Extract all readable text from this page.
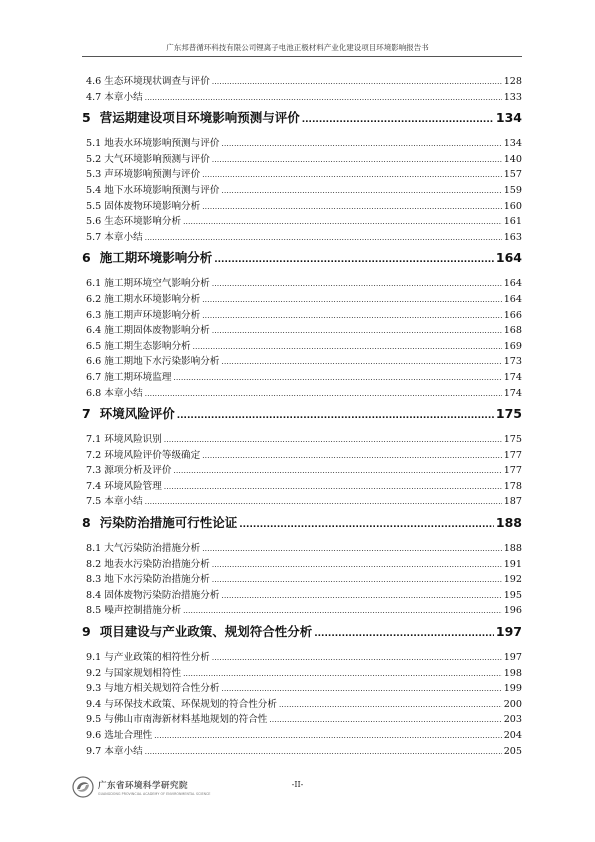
广东邦普循环科技有限公司锂离子电池正极材料产业化建设项目环境影响报告书
4.6 生态环境现状调查与评价 .....	128
4.7 本章小结 .....	133
5 营运期建设项目环境影响预测与评价 .....	134
5.1 地表水环境影响预测与评价 .....	134
5.2 大气环境影响预测与评价 .....	140
5.3 声环境影响预测与评价 .....	157
5.4 地下水环境影响预测与评价 .....	159
5.5 固体废物环境影响分析 .....	160
5.6 生态环境影响分析 .....	161
5.7 本章小结 .....	163
6 施工期环境影响分析 .....	164
6.1 施工期环境空气影响分析 .....	164
6.2 施工期水环境影响分析 .....	164
6.3 施工期声环境影响分析 .....	166
6.4 施工期固体废物影响分析 .....	168
6.5 施工期生态影响分析 .....	169
6.6 施工期地下水污染影响分析 .....	173
6.7 施工期环境监理 .....	174
6.8 本章小结 .....	174
7 环境风险评价 .....	175
7.1 环境风险识别 .....	175
7.2 环境风险评价等级确定 .....	177
7.3 源项分析及评价 .....	177
7.4 环境风险管理 .....	178
7.5 本章小结 .....	187
8 污染防治措施可行性论证 .....	188
8.1 大气污染防治措施分析 .....	188
8.2 地表水污染防治措施分析 .....	191
8.3 地下水污染防治措施分析 .....	192
8.4 固体废物污染防治措施分析 .....	195
8.5 噪声控制措施分析 .....	196
9 项目建设与产业政策、规划符合性分析 .....	197
9.1 与产业政策的相符性分析 .....	197
9.2 与国家规划相符性 .....	198
9.3 与地方相关规划符合性分析 .....	199
9.4 与环保技术政策、环保规划的符合性分析 .....	200
9.5 与佛山市南海新材料基地规划的符合性 .....	203
9.6 选址合理性 .....	204
9.7 本章小结 .....	205
广东省环境科学研究院
GUANGDONG PROVINCIAL ACADEMY OF ENVIRONMENTAL SCIENCE
-II-
